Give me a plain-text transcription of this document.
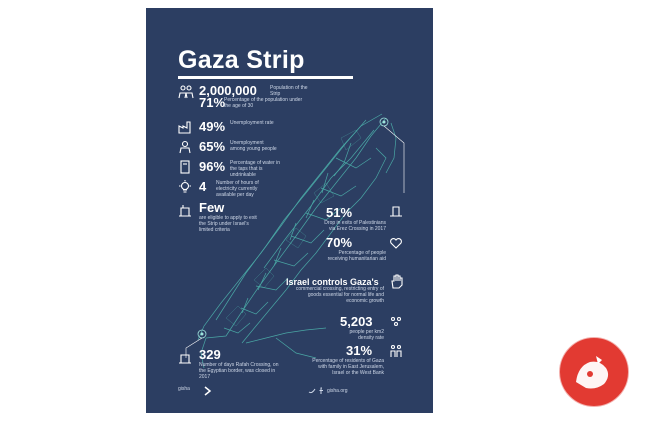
Gaza Strip
2,000,000	Population of the Strip
71%
Percentage of the population under the age of 30
49% Unemployment rate
65% Unemployment among young people
96% Percentage of water in the taps that is undrinkable
4 Number of hours of electricity currently available per day
Few
are eligible to apply to exit the Strip under Israel's limited criteria
51%
Drop in exits of Palestinians via Erez Crossing in 2017
70%
Percentage of people receiving humanitarian aid
Israel controls Gaza's
commercial crossing, restricting entry of goods essential for normal life and economic growth
5,203
people per km2 density rate
31%
Percentage of residents of Gaza with family in East Jerusalem, Israel or the West Bank
329
Number of days Rafah Crossing, on the Egyptian border, was closed in 2017
gisha	gisha.org
